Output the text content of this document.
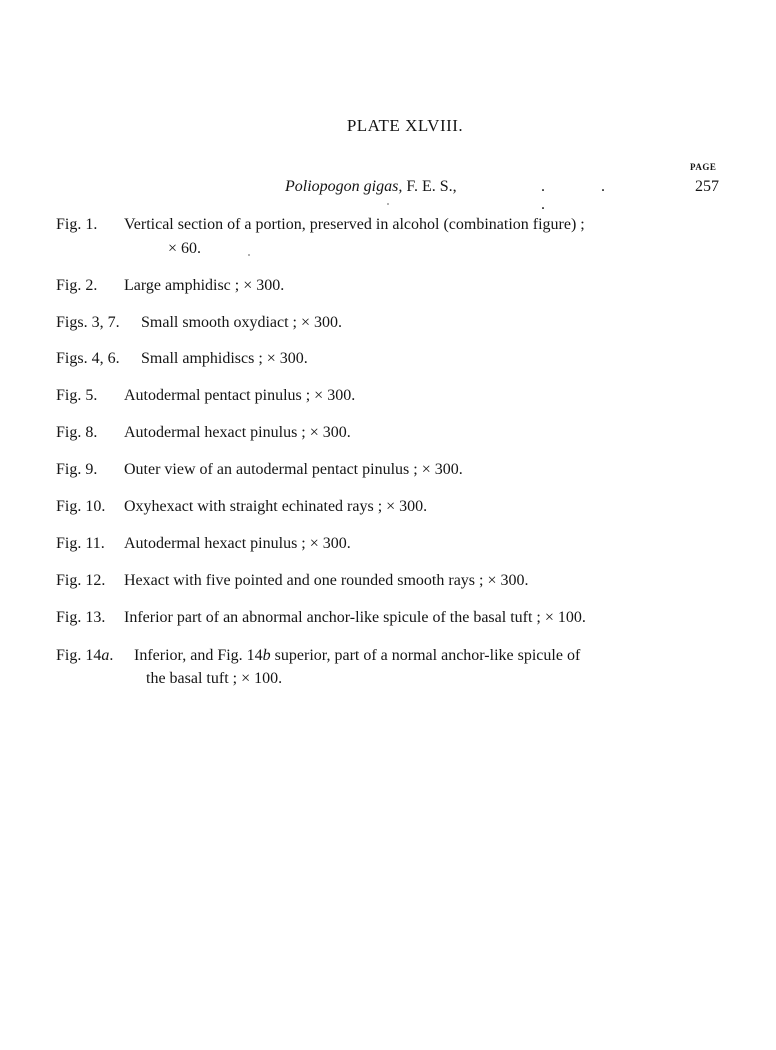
PLATE XLVIII.
PAGE
Poliopogon gigas, F. E. S.,	.	..
257
Fig. 1. Vertical section of a portion, preserved in alcohol (combination figure) ;
× 60.
Fig. 2. Large amphidisc ; × 300.
Figs. 3, 7. Small smooth oxydiact ; × 300.
Figs. 4, 6. Small amphidiscs ; × 300.
Fig. 5. Autodermal pentact pinulus ; × 300.
Fig. 8. Autodermal hexact pinulus ; × 300.
Fig. 9. Outer view of an autodermal pentact pinulus ; × 300.
Fig. 10. Oxyhexact with straight echinated rays ; × 300.
Fig. 11. Autodermal hexact pinulus ; × 300.
Fig. 12. Hexact with five pointed and one rounded smooth rays ; × 300.
Fig. 13. Inferior part of an abnormal anchor-like spicule of the basal tuft ; × 100.
Fig. 14a. Inferior, and Fig. 14b superior, part of a normal anchor-like spicule of
the basal tuft ; × 100.
